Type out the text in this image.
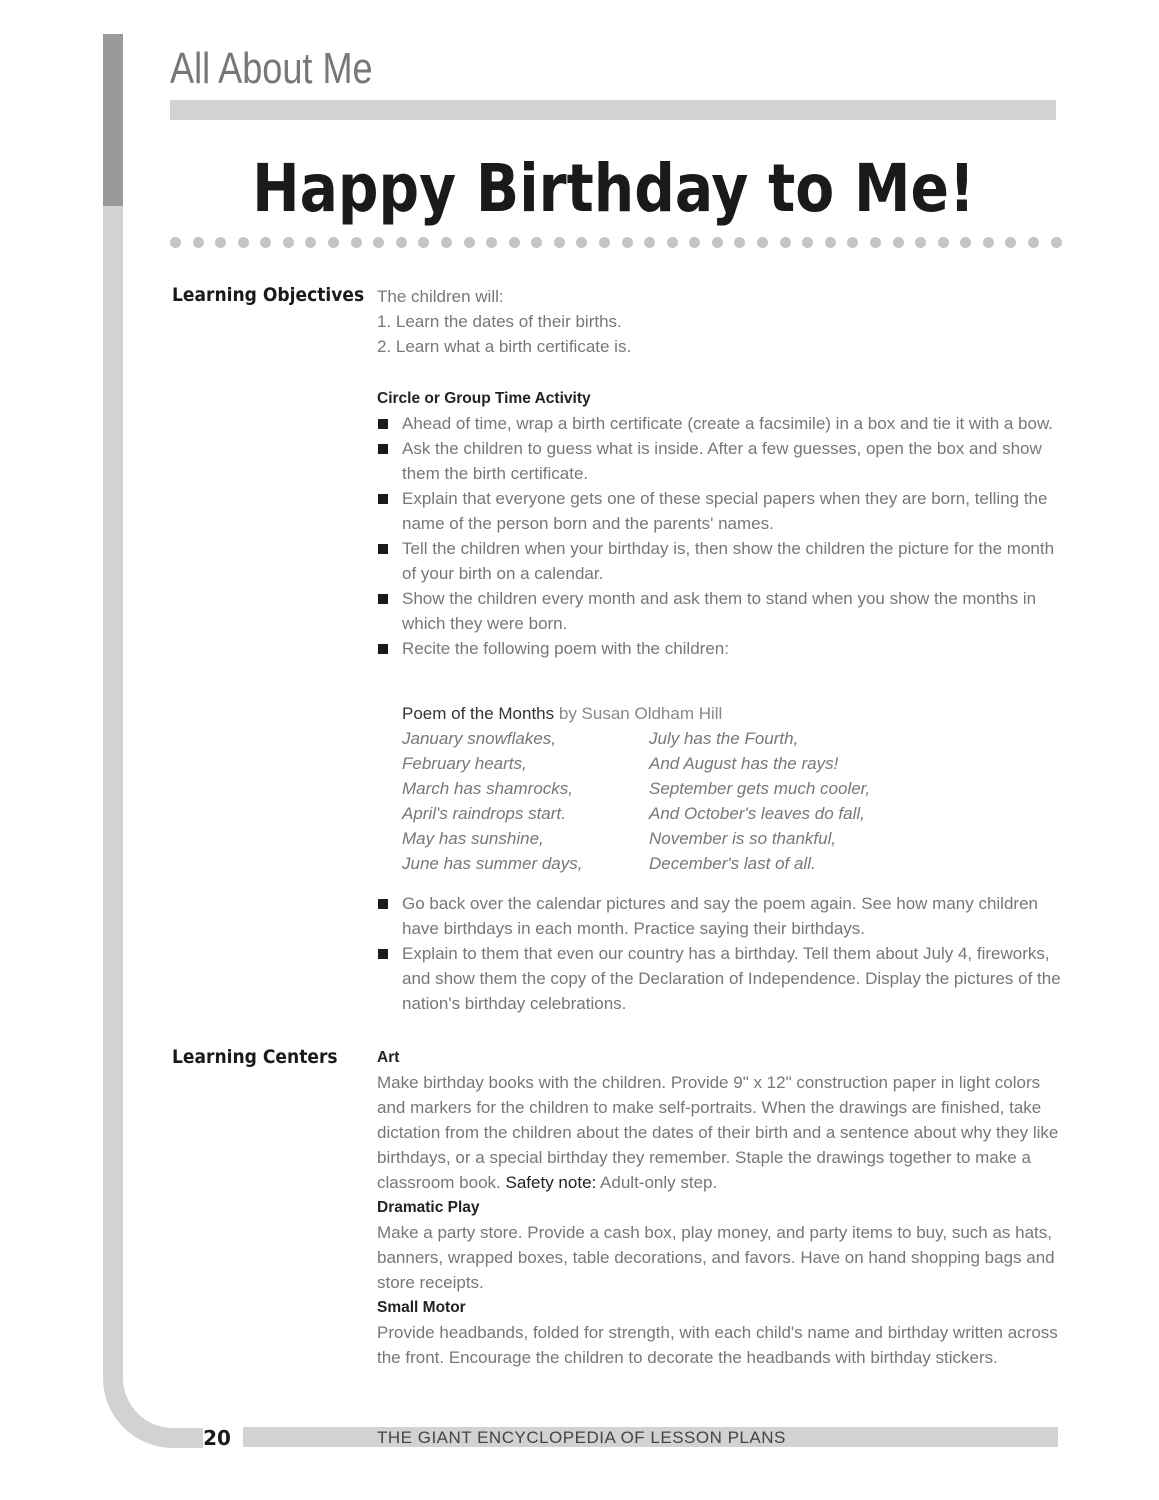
All About Me
Happy Birthday to Me!
Learning Objectives The children will:

1. Learn the dates of their births.

2. Learn what a birth certificate is.

Circle or Group Time Activity

Ahead of time, wrap a birth certificate (create a facsimile) in a box and tie it with a bow.
Ask the children to guess what is inside. After a few guesses, open the box and show them the birth certificate.
Explain that everyone gets one of these special papers when they are born, telling the name of the person born and the parents' names.
Tell the children when your birthday is, then show the children the picture for the month of your birth on a calendar.
Show the children every month and ask them to stand when you show the months in which they were born.
Recite the following poem with the children:

Poem of the Months by Susan Oldham Hill

January snowflakes,	July has the Fourth,
February hearts,	And August has the rays!
March has shamrocks,	September gets much cooler,
April's raindrops start.	And October's leaves do fall,
May has sunshine,	November is so thankful,
June has summer days,	December's last of all.
Go back over the calendar pictures and say the poem again. See how many children have birthdays in each month. Practice saying their birthdays.
Explain to them that even our country has a birthday. Tell them about July 4, fireworks, and show them the copy of the Declaration of Independence. Display the pictures of the nation's birthday celebrations.
Learning Centers	Art

Make birthday books with the children. Provide 9" x 12" construction paper in light colors and markers for the children to make self-portraits. When the drawings are finished, take dictation from the children about the dates of their birth and a sentence about why they like birthdays, or a special birthday they remember. Staple the drawings together to make a classroom book. Safety note: Adult-only step.

Dramatic Play

Make a party store. Provide a cash box, play money, and party items to buy, such as hats, banners, wrapped boxes, table decorations, and favors. Have on hand shopping bags and store receipts.

Small Motor

Provide headbands, folded for strength, with each child's name and birthday written across the front. Encourage the children to decorate the headbands with birthday stickers.

20	THE GIANT ENCYCLOPEDIA OF LESSON PLANS
